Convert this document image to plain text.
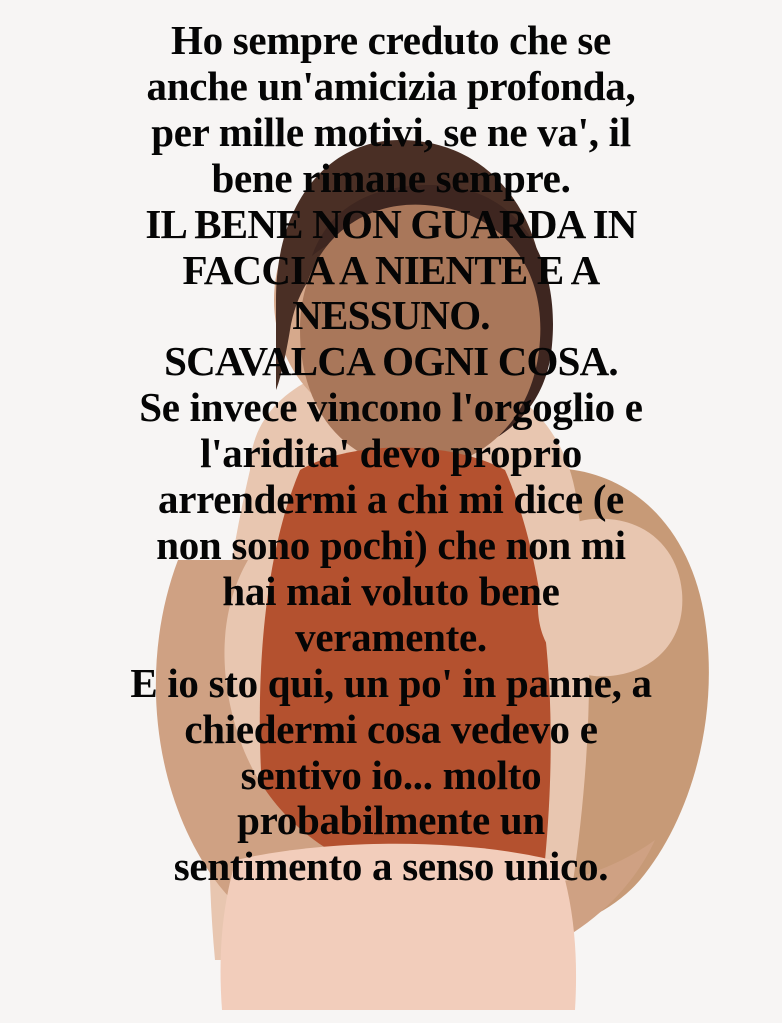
Ho sempre creduto che se
anche un'amicizia profonda,
per mille motivi, se ne va', il
bene rimane sempre.
IL BENE NON GUARDA IN
FACCIA A NIENTE E A
NESSUNO.
SCAVALCA OGNI COSA.
Se invece vincono l'orgoglio e
l'aridita' devo proprio
arrendermi a chi mi dice (e
non sono pochi) che non mi
hai mai voluto bene
veramente.
E io sto qui, un po' in panne, a
chiedermi cosa vedevo e
sentivo io... molto
probabilmente un
sentimento a senso unico.
